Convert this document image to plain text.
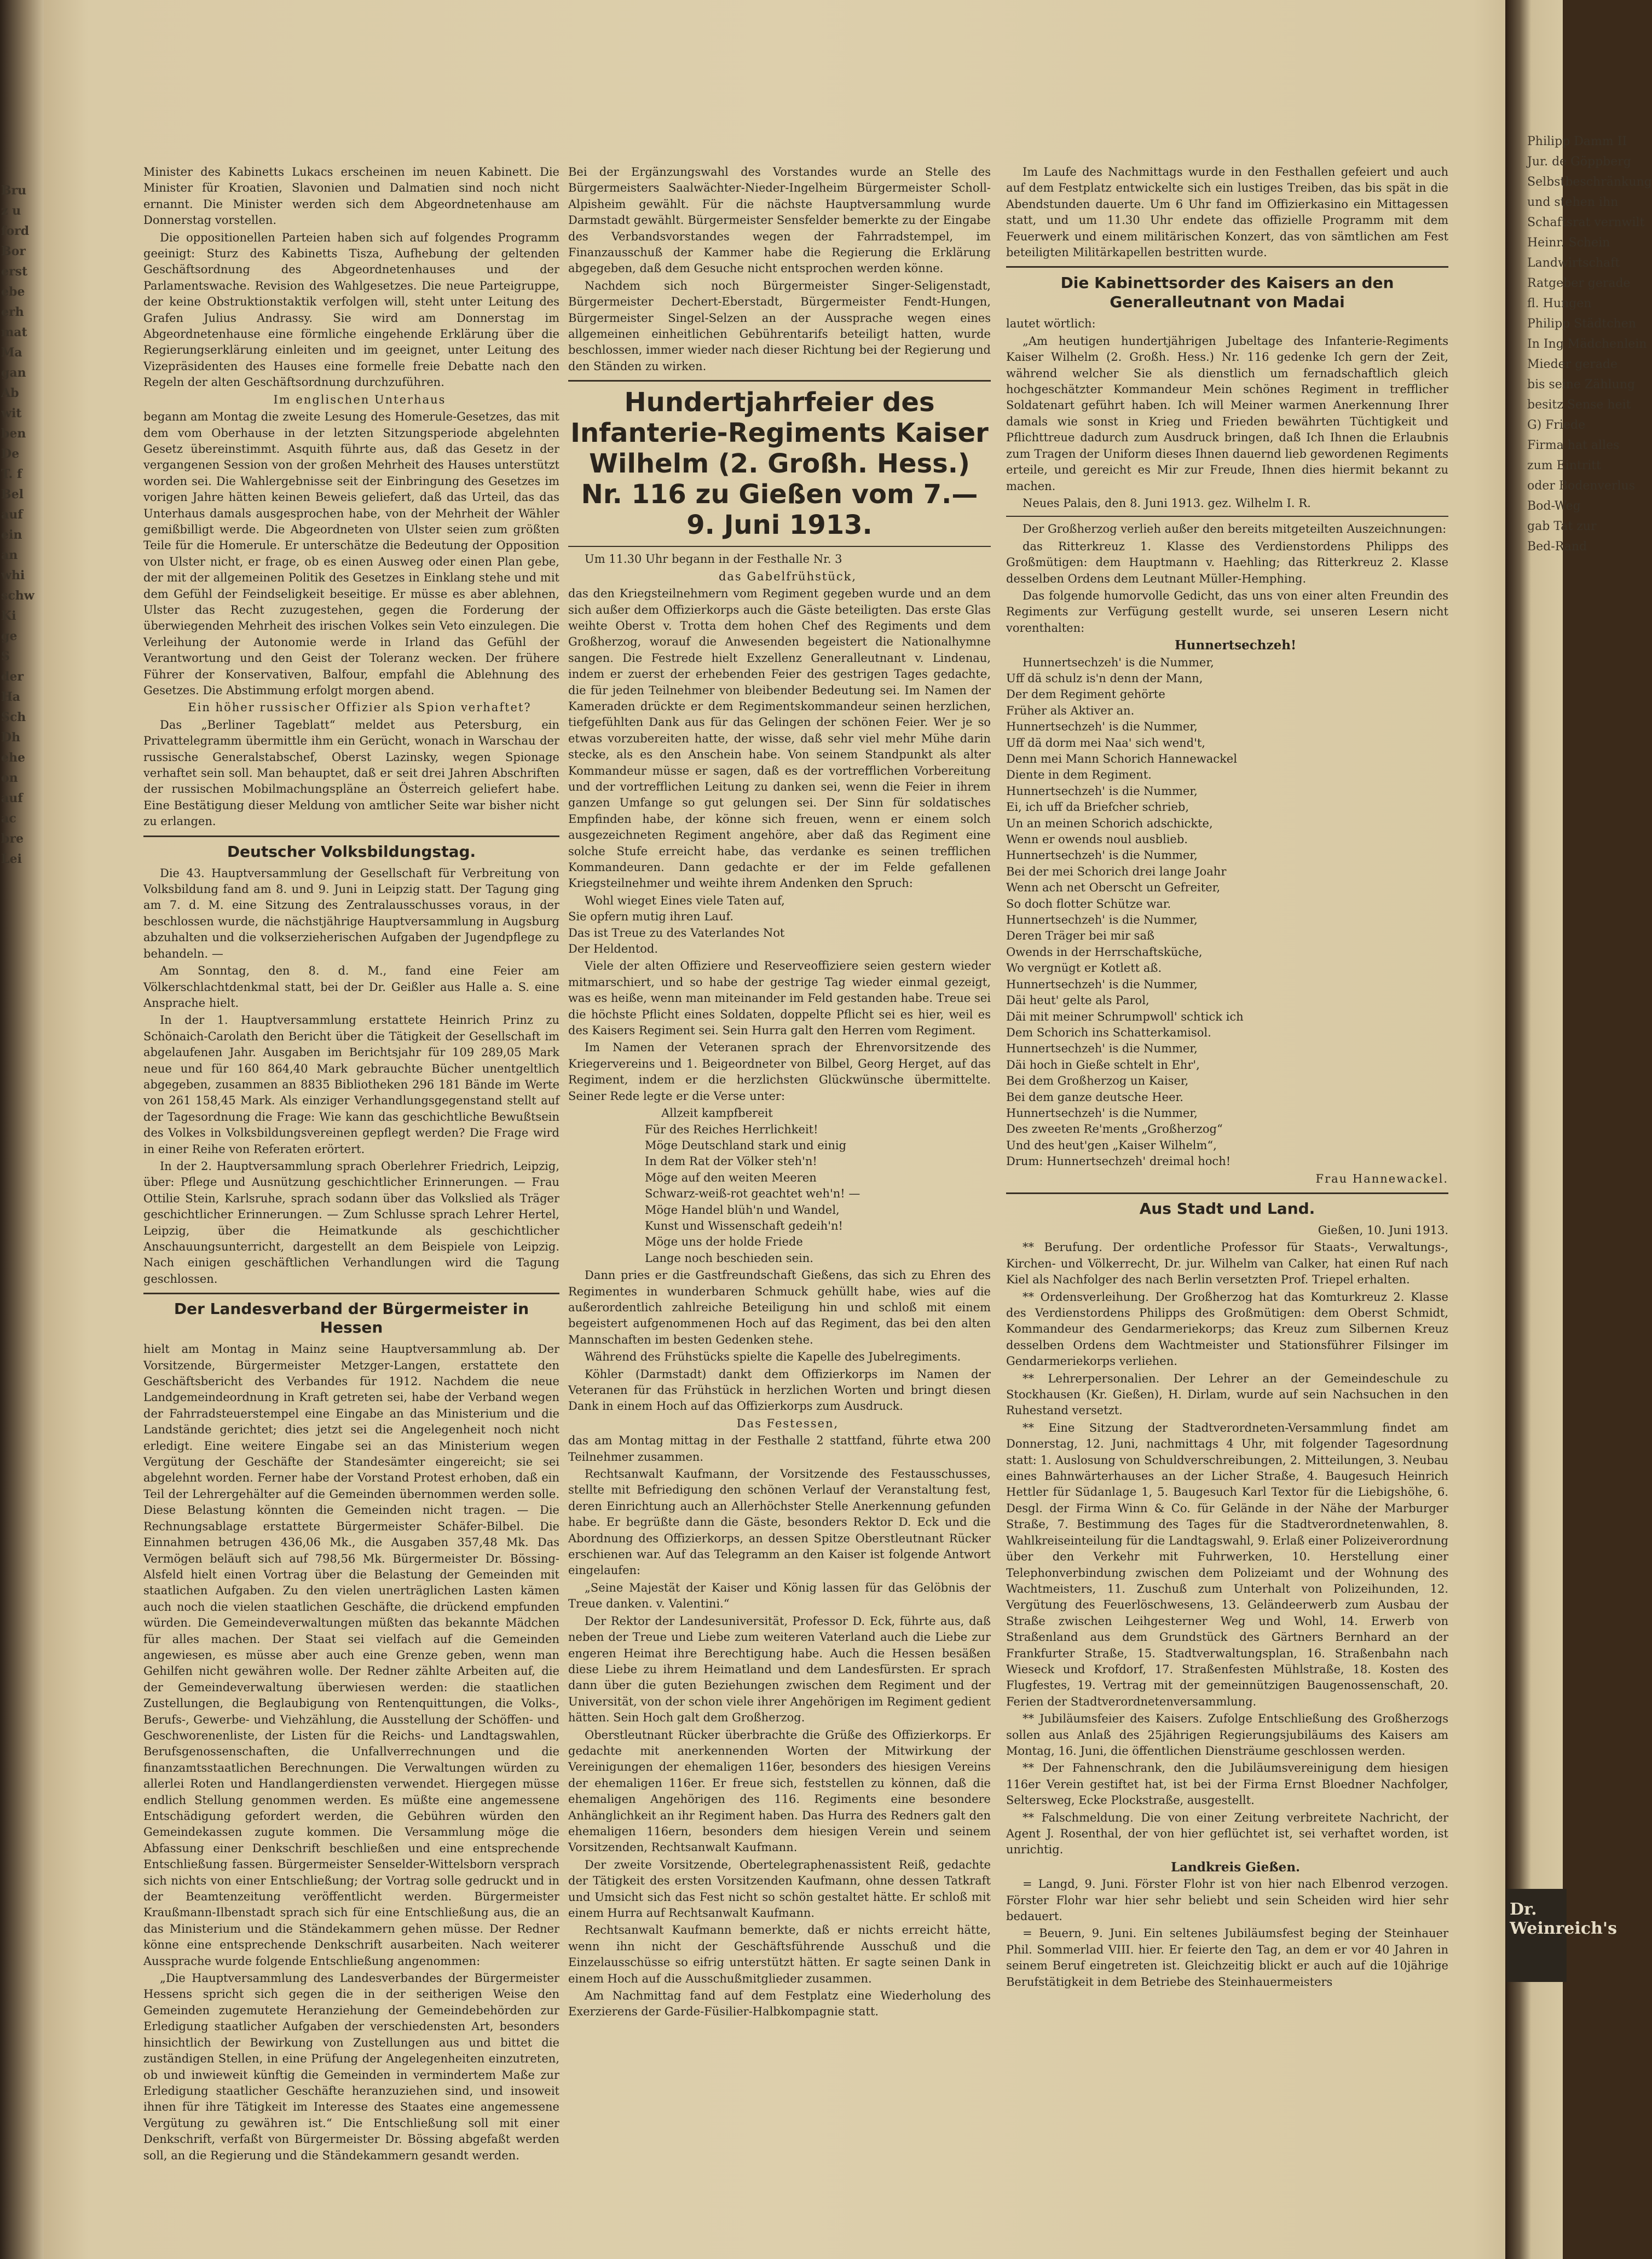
Bru
z u
ford
Bor
erst
ebe
erh
mat
Ma
gan
Ab
wit
ben
De
T. f
Bel
auf
ein
an
whi
schw
Ki
ge
S
der
Ha
Sch
Dh
ehe
on
auf
ac
bre
Lei
Philipp Damm II
Jur. de Göppberg
Selbstbeschränkung
und stehen ihn
Schaftsrat vernwilt
Heinr. Schein
Landwirtschaft
Ratgeber gerade
fl. Hungen
Philipp Städtchen
In Ing Mädchenlein
Mieder gerade
bis seine Zählung
besitz Sense heit
G) Friede
Firma hat alles
zum Eintritt
oder Bodenverlus
Bod-Weg
gab Tat zur
Bed-Rand
Dr. Weinreich's

Minister des Kabinetts Lukacs erscheinen im neuen Kabinett. Die Minister für Kroatien, Slavonien und Dalmatien sind noch nicht ernannt. Die Minister werden sich dem Abgeordnetenhause am Donnerstag vorstellen.

Die oppositionellen Parteien haben sich auf folgendes Programm geeinigt: Sturz des Kabinetts Tisza, Aufhebung der geltenden Geschäftsordnung des Abgeordnetenhauses und der Parlamentswache. Revision des Wahlgesetzes. Die neue Parteigruppe, der keine Obstruktionstaktik verfolgen will, steht unter Leitung des Grafen Julius Andrassy. Sie wird am Donnerstag im Abgeordnetenhause eine förmliche eingehende Erklärung über die Regierungserklärung einleiten und im geeignet, unter Leitung des Vizepräsidenten des Hauses eine formelle freie Debatte nach den Regeln der alten Geschäftsordnung durchzuführen.

Im englischen Unterhaus

begann am Montag die zweite Lesung des Homerule-Gesetzes, das mit dem vom Oberhause in der letzten Sitzungsperiode abgelehnten Gesetz übereinstimmt. Asquith führte aus, daß das Gesetz in der vergangenen Session von der großen Mehrheit des Hauses unterstützt worden sei. Die Wahlergebnisse seit der Einbringung des Gesetzes im vorigen Jahre hätten keinen Beweis geliefert, daß das Urteil, das das Unterhaus damals ausgesprochen habe, von der Mehrheit der Wähler gemißbilligt werde. Die Abgeordneten von Ulster seien zum größten Teile für die Homerule. Er unterschätze die Bedeutung der Opposition von Ulster nicht, er frage, ob es einen Ausweg oder einen Plan gebe, der mit der allgemeinen Politik des Gesetzes in Einklang stehe und mit dem Gefühl der Feindseligkeit beseitige. Er müsse es aber ablehnen, Ulster das Recht zuzugestehen, gegen die Forderung der überwiegenden Mehrheit des irischen Volkes sein Veto einzulegen. Die Verleihung der Autonomie werde in Irland das Gefühl der Verantwortung und den Geist der Toleranz wecken. Der frühere Führer der Konservativen, Balfour, empfahl die Ablehnung des Gesetzes. Die Abstimmung erfolgt morgen abend.

Ein höher russischer Offizier als Spion verhaftet?

Das „Berliner Tageblatt“ meldet aus Petersburg, ein Privattelegramm übermittle ihm ein Gerücht, wonach in Warschau der russische Generalstabschef, Oberst Lazinsky, wegen Spionage verhaftet sein soll. Man behauptet, daß er seit drei Jahren Abschriften der russischen Mobilmachungspläne an Österreich geliefert habe. Eine Bestätigung dieser Meldung von amtlicher Seite war bisher nicht zu erlangen.

Deutscher Volksbildungstag.

Die 43. Hauptversammlung der Gesellschaft für Verbreitung von Volksbildung fand am 8. und 9. Juni in Leipzig statt. Der Tagung ging am 7. d. M. eine Sitzung des Zentralausschusses voraus, in der beschlossen wurde, die nächstjährige Hauptversammlung in Augsburg abzuhalten und die volkserzieherischen Aufgaben der Jugendpflege zu behandeln. —

Am Sonntag, den 8. d. M., fand eine Feier am Völkerschlachtdenkmal statt, bei der Dr. Geißler aus Halle a. S. eine Ansprache hielt.

In der 1. Hauptversammlung erstattete Heinrich Prinz zu Schönaich-Carolath den Bericht über die Tätigkeit der Gesellschaft im abgelaufenen Jahr. Ausgaben im Berichtsjahr für 109 289,05 Mark neue und für 160 864,40 Mark gebrauchte Bücher unentgeltlich abgegeben, zusammen an 8835 Bibliotheken 296 181 Bände im Werte von 261 158,45 Mark. Als einziger Verhandlungsgegenstand stellt auf der Tagesordnung die Frage: Wie kann das geschichtliche Bewußtsein des Volkes in Volksbildungsvereinen gepflegt werden? Die Frage wird in einer Reihe von Referaten erörtert.

In der 2. Hauptversammlung sprach Oberlehrer Friedrich, Leipzig, über: Pflege und Ausnützung geschichtlicher Erinnerungen. — Frau Ottilie Stein, Karlsruhe, sprach sodann über das Volkslied als Träger geschichtlicher Erinnerungen. — Zum Schlusse sprach Lehrer Hertel, Leipzig, über die Heimatkunde als geschichtlicher Anschauungsunterricht, dargestellt an dem Beispiele von Leipzig. Nach einigen geschäftlichen Verhandlungen wird die Tagung geschlossen.

Der Landesverband der Bürgermeister in Hessen

hielt am Montag in Mainz seine Hauptversammlung ab. Der Vorsitzende, Bürgermeister Metzger-Langen, erstattete den Geschäftsbericht des Verbandes für 1912. Nachdem die neue Landgemeindeordnung in Kraft getreten sei, habe der Verband wegen der Fahrradsteuerstempel eine Eingabe an das Ministerium und die Landstände gerichtet; dies jetzt sei die Angelegenheit noch nicht erledigt. Eine weitere Eingabe sei an das Ministerium wegen Vergütung der Geschäfte der Standesämter eingereicht; sie sei abgelehnt worden. Ferner habe der Vorstand Protest erhoben, daß ein Teil der Lehrergehälter auf die Gemeinden übernommen werden solle. Diese Belastung könnten die Gemeinden nicht tragen. — Die Rechnungsablage erstattete Bürgermeister Schäfer-Bilbel. Die Einnahmen betrugen 436,06 Mk., die Ausgaben 357,48 Mk. Das Vermögen beläuft sich auf 798,56 Mk. Bürgermeister Dr. Bössing-Alsfeld hielt einen Vortrag über die Belastung der Gemeinden mit staatlichen Aufgaben. Zu den vielen unerträglichen Lasten kämen auch noch die vielen staatlichen Geschäfte, die drückend empfunden würden. Die Gemeindeverwaltungen müßten das bekannte Mädchen für alles machen. Der Staat sei vielfach auf die Gemeinden angewiesen, es müsse aber auch eine Grenze geben, wenn man Gehilfen nicht gewähren wolle. Der Redner zählte Arbeiten auf, die der Gemeindeverwaltung überwiesen werden: die staatlichen Zustellungen, die Beglaubigung von Rentenquittungen, die Volks-, Berufs-, Gewerbe- und Viehzählung, die Ausstellung der Schöffen- und Geschworenenliste, der Listen für die Reichs- und Landtagswahlen, Berufsgenossenschaften, die Unfallverrechnungen und die finanzamtsstaatlichen Berechnungen. Die Verwaltungen würden zu allerlei Roten und Handlangerdiensten verwendet. Hiergegen müsse endlich Stellung genommen werden. Es müßte eine angemessene Entschädigung gefordert werden, die Gebühren würden den Gemeindekassen zugute kommen. Die Versammlung möge die Abfassung einer Denkschrift beschließen und eine entsprechende Entschließung fassen. Bürgermeister Senselder-Wittelsborn versprach sich nichts von einer Entschließung; der Vortrag solle gedruckt und in der Beamtenzeitung veröffentlicht werden. Bürgermeister Kraußmann-Ilbenstadt sprach sich für eine Entschließung aus, die an das Ministerium und die Ständekammern gehen müsse. Der Redner könne eine entsprechende Denkschrift ausarbeiten. Nach weiterer Aussprache wurde folgende Entschließung angenommen:

„Die Hauptversammlung des Landesverbandes der Bürgermeister Hessens spricht sich gegen die in der seitherigen Weise den Gemeinden zugemutete Heranziehung der Gemeindebehörden zur Erledigung staatlicher Aufgaben der verschiedensten Art, besonders hinsichtlich der Bewirkung von Zustellungen aus und bittet die zuständigen Stellen, in eine Prüfung der Angelegenheiten einzutreten, ob und inwieweit künftig die Gemeinden in vermindertem Maße zur Erledigung staatlicher Geschäfte heranzuziehen sind, und insoweit ihnen für ihre Tätigkeit im Interesse des Staates eine angemessene Vergütung zu gewähren ist.“ Die Entschließung soll mit einer Denkschrift, verfaßt von Bürgermeister Dr. Bössing abgefaßt werden soll, an die Regierung und die Ständekammern gesandt werden.

Bei der Ergänzungswahl des Vorstandes wurde an Stelle des Bürgermeisters Saalwächter-Nieder-Ingelheim Bürgermeister Scholl-Alpisheim gewählt. Für die nächste Hauptversammlung wurde Darmstadt gewählt. Bürgermeister Sensfelder bemerkte zu der Eingabe des Verbandsvorstandes wegen der Fahrradstempel, im Finanzausschuß der Kammer habe die Regierung die Erklärung abgegeben, daß dem Gesuche nicht entsprochen werden könne.

Nachdem sich noch Bürgermeister Singer-Seligenstadt, Bürgermeister Dechert-Eberstadt, Bürgermeister Fendt-Hungen, Bürgermeister Singel-Selzen an der Aussprache wegen eines allgemeinen einheitlichen Gebührentarifs beteiligt hatten, wurde beschlossen, immer wieder nach dieser Richtung bei der Regierung und den Ständen zu wirken.

Hundertjahrfeier des Infanterie-Regiments Kaiser Wilhelm (2. Großh. Hess.) Nr. 116 zu Gießen vom 7.—9. Juni 1913.

Um 11.30 Uhr begann in der Festhalle Nr. 3

das Gabelfrühstück,

das den Kriegsteilnehmern vom Regiment gegeben wurde und an dem sich außer dem Offizierkorps auch die Gäste beteiligten. Das erste Glas weihte Oberst v. Trotta dem hohen Chef des Regiments und dem Großherzog, worauf die Anwesenden begeistert die Nationalhymne sangen. Die Festrede hielt Exzellenz Generalleutnant v. Lindenau, indem er zuerst der erhebenden Feier des gestrigen Tages gedachte, die für jeden Teilnehmer von bleibender Bedeutung sei. Im Namen der Kameraden drückte er dem Regimentskommandeur seinen herzlichen, tiefgefühlten Dank aus für das Gelingen der schönen Feier. Wer je so etwas vorzubereiten hatte, der wisse, daß sehr viel mehr Mühe darin stecke, als es den Anschein habe. Von seinem Standpunkt als alter Kommandeur müsse er sagen, daß es der vortrefflichen Vorbereitung und der vortrefflichen Leitung zu danken sei, wenn die Feier in ihrem ganzen Umfange so gut gelungen sei. Der Sinn für soldatisches Empfinden habe, der könne sich freuen, wenn er einem solch ausgezeichneten Regiment angehöre, aber daß das Regiment eine solche Stufe erreicht habe, das verdanke es seinen trefflichen Kommandeuren. Dann gedachte er der im Felde gefallenen Kriegsteilnehmer und weihte ihrem Andenken den Spruch:

Wohl wieget Eines viele Taten auf,
Sie opfern mutig ihren Lauf.
Das ist Treue zu des Vaterlandes Not
Der Heldentod.

Viele der alten Offiziere und Reserveoffiziere seien gestern wieder mitmarschiert, und so habe der gestrige Tag wieder einmal gezeigt, was es heiße, wenn man miteinander im Feld gestanden habe. Treue sei die höchste Pflicht eines Soldaten, doppelte Pflicht sei es hier, weil es des Kaisers Regiment sei. Sein Hurra galt den Herren vom Regiment.

Im Namen der Veteranen sprach der Ehrenvorsitzende des Kriegervereins und 1. Beigeordneter von Bilbel, Georg Herget, auf das Regiment, indem er die herzlichsten Glückwünsche übermittelte. Seiner Rede legte er die Verse unter:

Allzeit kampfbereit
Für des Reiches Herrlichkeit!
Möge Deutschland stark und einig
In dem Rat der Völker steh'n!
Möge auf den weiten Meeren
Schwarz-weiß-rot geachtet weh'n! —
Möge Handel blüh'n und Wandel,
Kunst und Wissenschaft gedeih'n!
Möge uns der holde Friede
Lange noch beschieden sein.

Dann pries er die Gastfreundschaft Gießens, das sich zu Ehren des Regimentes in wunderbaren Schmuck gehüllt habe, wies auf die außerordentlich zahlreiche Beteiligung hin und schloß mit einem begeistert aufgenommenen Hoch auf das Regiment, das bei den alten Mannschaften im besten Gedenken stehe.

Während des Frühstücks spielte die Kapelle des Jubelregiments.

Köhler (Darmstadt) dankt dem Offizierkorps im Namen der Veteranen für das Frühstück in herzlichen Worten und bringt diesen Dank in einem Hoch auf das Offizierkorps zum Ausdruck.

Das Festessen,

das am Montag mittag in der Festhalle 2 stattfand, führte etwa 200 Teilnehmer zusammen.

Rechtsanwalt Kaufmann, der Vorsitzende des Festausschusses, stellte mit Befriedigung den schönen Verlauf der Veranstaltung fest, deren Einrichtung auch an Allerhöchster Stelle Anerkennung gefunden habe. Er begrüßte dann die Gäste, besonders Rektor D. Eck und die Abordnung des Offizierkorps, an dessen Spitze Oberstleutnant Rücker erschienen war. Auf das Telegramm an den Kaiser ist folgende Antwort eingelaufen:

„Seine Majestät der Kaiser und König lassen für das Gelöbnis der Treue danken. v. Valentini.“

Der Rektor der Landesuniversität, Professor D. Eck, führte aus, daß neben der Treue und Liebe zum weiteren Vaterland auch die Liebe zur engeren Heimat ihre Berechtigung habe. Auch die Hessen besäßen diese Liebe zu ihrem Heimatland und dem Landesfürsten. Er sprach dann über die guten Beziehungen zwischen dem Regiment und der Universität, von der schon viele ihrer Angehörigen im Regiment gedient hätten. Sein Hoch galt dem Großherzog.

Oberstleutnant Rücker überbrachte die Grüße des Offizierkorps. Er gedachte mit anerkennenden Worten der Mitwirkung der Vereinigungen der ehemaligen 116er, besonders des hiesigen Vereins der ehemaligen 116er. Er freue sich, feststellen zu können, daß die ehemaligen Angehörigen des 116. Regiments eine besondere Anhänglichkeit an ihr Regiment haben. Das Hurra des Redners galt den ehemaligen 116ern, besonders dem hiesigen Verein und seinem Vorsitzenden, Rechtsanwalt Kaufmann.

Der zweite Vorsitzende, Obertelegraphenassistent Reiß, gedachte der Tätigkeit des ersten Vorsitzenden Kaufmann, ohne dessen Tatkraft und Umsicht sich das Fest nicht so schön gestaltet hätte. Er schloß mit einem Hurra auf Rechtsanwalt Kaufmann.

Rechtsanwalt Kaufmann bemerkte, daß er nichts erreicht hätte, wenn ihn nicht der Geschäftsführende Ausschuß und die Einzelausschüsse so eifrig unterstützt hätten. Er sagte seinen Dank in einem Hoch auf die Ausschußmitglieder zusammen.

Am Nachmittag fand auf dem Festplatz eine Wiederholung des Exerzierens der Garde-Füsilier-Halbkompagnie statt.

Im Laufe des Nachmittags wurde in den Festhallen gefeiert und auch auf dem Festplatz entwickelte sich ein lustiges Treiben, das bis spät in die Abendstunden dauerte. Um 6 Uhr fand im Offizierkasino ein Mittagessen statt, und um 11.30 Uhr endete das offizielle Programm mit dem Feuerwerk und einem militärischen Konzert, das von sämtlichen am Fest beteiligten Militärkapellen bestritten wurde.

Die Kabinettsorder des Kaisers an den Generalleutnant von Madai

lautet wörtlich:

„Am heutigen hundertjährigen Jubeltage des Infanterie-Regiments Kaiser Wilhelm (2. Großh. Hess.) Nr. 116 gedenke Ich gern der Zeit, während welcher Sie als dienstlich um fernadschaftlich gleich hochgeschätzter Kommandeur Mein schönes Regiment in trefflicher Soldatenart geführt haben. Ich will Meiner warmen Anerkennung Ihrer damals wie sonst in Krieg und Frieden bewährten Tüchtigkeit und Pflichttreue dadurch zum Ausdruck bringen, daß Ich Ihnen die Erlaubnis zum Tragen der Uniform dieses Ihnen dauernd lieb gewordenen Regiments erteile, und gereicht es Mir zur Freude, Ihnen dies hiermit bekannt zu machen.

Neues Palais, den 8. Juni 1913. gez. Wilhelm I. R.

Der Großherzog verlieh außer den bereits mitgeteilten Auszeichnungen:

das Ritterkreuz 1. Klasse des Verdienstordens Philipps des Großmütigen: dem Hauptmann v. Haehling; das Ritterkreuz 2. Klasse desselben Ordens dem Leutnant Müller-Hemphing.

Das folgende humorvolle Gedicht, das uns von einer alten Freundin des Regiments zur Verfügung gestellt wurde, sei unseren Lesern nicht vorenthalten:

Hunnertsechzeh!

Hunnertsechzeh' is die Nummer,
Uff dä schulz is'n denn der Mann,
Der dem Regiment gehörte
Früher als Aktiver an.
Hunnertsechzeh' is die Nummer,
Uff dä dorm mei Naa' sich wend't,
Denn mei Mann Schorich Hannewackel
Diente in dem Regiment.
Hunnertsechzeh' is die Nummer,
Ei, ich uff da Briefcher schrieb,
Un an meinen Schorich adschickte,
Wenn er owends noul ausblieb.
Hunnertsechzeh' is die Nummer,
Bei der mei Schorich drei lange Joahr
Wenn ach net Oberscht un Gefreiter,
So doch flotter Schütze war.
Hunnertsechzeh' is die Nummer,
Deren Träger bei mir saß
Owends in der Herrschaftsküche,
Wo vergnügt er Kotlett aß.
Hunnertsechzeh' is die Nummer,
Däi heut' gelte als Parol,
Däi mit meiner Schrumpwoll' schtick ich
Dem Schorich ins Schatterkamisol.
Hunnertsechzeh' is die Nummer,
Däi hoch in Gieße schtelt in Ehr',
Bei dem Großherzog un Kaiser,
Bei dem ganze deutsche Heer.
Hunnertsechzeh' is die Nummer,
Des zweeten Re'ments „Großherzog“
Und des heut'gen „Kaiser Wilhelm“,
Drum: Hunnertsechzeh' dreimal hoch!

Frau Hannewackel.

Aus Stadt und Land.

Gießen, 10. Juni 1913.

** Berufung. Der ordentliche Professor für Staats-, Verwaltungs-, Kirchen- und Völkerrecht, Dr. jur. Wilhelm van Calker, hat einen Ruf nach Kiel als Nachfolger des nach Berlin versetzten Prof. Triepel erhalten.

** Ordensverleihung. Der Großherzog hat das Komturkreuz 2. Klasse des Verdienstordens Philipps des Großmütigen: dem Oberst Schmidt, Kommandeur des Gendarmeriekorps; das Kreuz zum Silbernen Kreuz desselben Ordens dem Wachtmeister und Stationsführer Filsinger im Gendarmeriekorps verliehen.

** Lehrerpersonalien. Der Lehrer an der Gemeindeschule zu Stockhausen (Kr. Gießen), H. Dirlam, wurde auf sein Nachsuchen in den Ruhestand versetzt.

** Eine Sitzung der Stadtverordneten-Versammlung findet am Donnerstag, 12. Juni, nachmittags 4 Uhr, mit folgender Tagesordnung statt: 1. Auslosung von Schuldverschreibungen, 2. Mitteilungen, 3. Neubau eines Bahnwärterhauses an der Licher Straße, 4. Baugesuch Heinrich Hettler für Südanlage 1, 5. Baugesuch Karl Textor für die Liebigshöhe, 6. Desgl. der Firma Winn & Co. für Gelände in der Nähe der Marburger Straße, 7. Bestimmung des Tages für die Stadtverordnetenwahlen, 8. Wahlkreiseinteilung für die Landtagswahl, 9. Erlaß einer Polizeiverordnung über den Verkehr mit Fuhrwerken, 10. Herstellung einer Telephonverbindung zwischen dem Polizeiamt und der Wohnung des Wachtmeisters, 11. Zuschuß zum Unterhalt von Polizeihunden, 12. Vergütung des Feuerlöschwesens, 13. Geländeerwerb zum Ausbau der Straße zwischen Leihgesterner Weg und Wohl, 14. Erwerb von Straßenland aus dem Grundstück des Gärtners Bernhard an der Frankfurter Straße, 15. Stadtverwaltungsplan, 16. Straßenbahn nach Wieseck und Krofdorf, 17. Straßenfesten Mühlstraße, 18. Kosten des Flugfestes, 19. Vertrag mit der gemeinnützigen Baugenossenschaft, 20. Ferien der Stadtverordnetenversammlung.

** Jubiläumsfeier des Kaisers. Zufolge Entschließung des Großherzogs sollen aus Anlaß des 25jährigen Regierungsjubiläums des Kaisers am Montag, 16. Juni, die öffentlichen Diensträume geschlossen werden.

** Der Fahnenschrank, den die Jubiläumsvereinigung dem hiesigen 116er Verein gestiftet hat, ist bei der Firma Ernst Bloedner Nachfolger, Seltersweg, Ecke Plockstraße, ausgestellt.

** Falschmeldung. Die von einer Zeitung verbreitete Nachricht, der Agent J. Rosenthal, der von hier geflüchtet ist, sei verhaftet worden, ist unrichtig.

Landkreis Gießen.

= Langd, 9. Juni. Förster Flohr ist von hier nach Elbenrod verzogen. Förster Flohr war hier sehr beliebt und sein Scheiden wird hier sehr bedauert.

= Beuern, 9. Juni. Ein seltenes Jubiläumsfest beging der Steinhauer Phil. Sommerlad VIII. hier. Er feierte den Tag, an dem er vor 40 Jahren in seinem Beruf eingetreten ist. Gleichzeitig blickt er auch auf die 10jährige Berufstätigkeit in dem Betriebe des Steinhauermeisters
